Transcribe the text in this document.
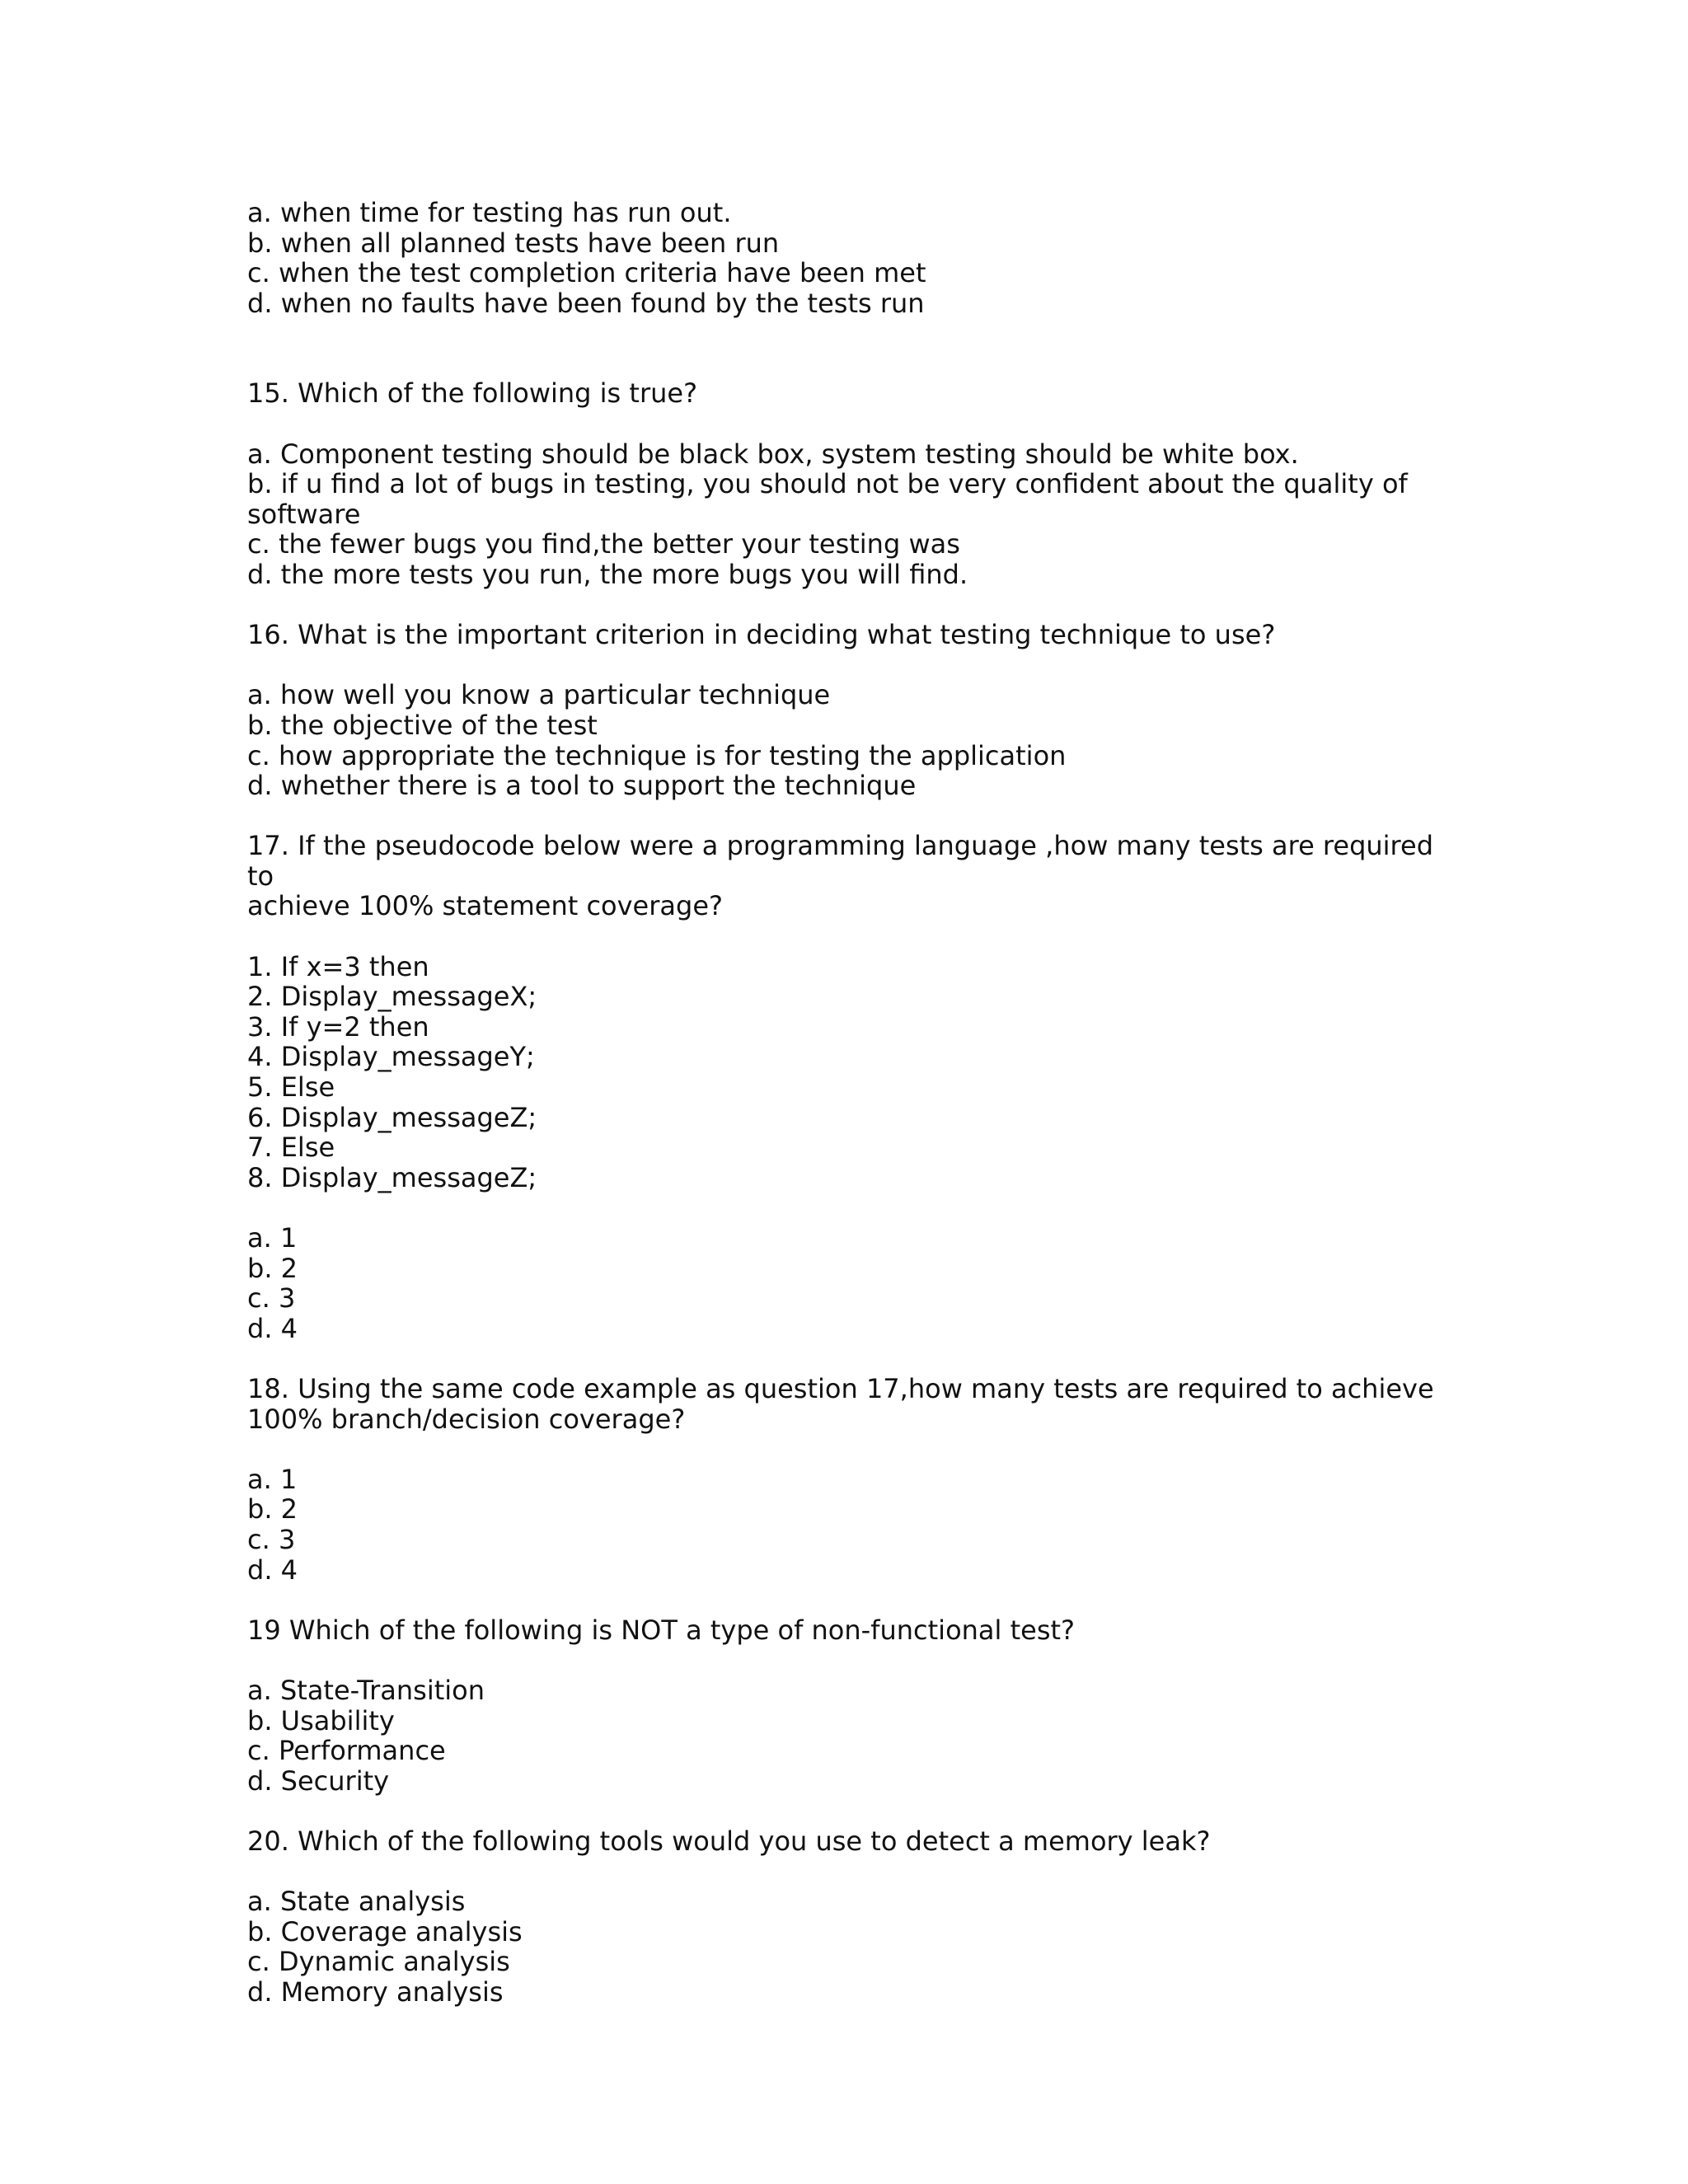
a. when time for testing has run out.
b. when all planned tests have been run
c. when the test completion criteria have been met
d. when no faults have been found by the tests run
15. Which of the following is true?
a. Component testing should be black box, system testing should be white box.
b. if u find a lot of bugs in testing, you should not be very confident about the quality of
software
c. the fewer bugs you find,the better your testing was
d. the more tests you run, the more bugs you will find.
16. What is the important criterion in deciding what testing technique to use?
a. how well you know a particular technique
b. the objective of the test
c. how appropriate the technique is for testing the application
d. whether there is a tool to support the technique
17. If the pseudocode below were a programming language ,how many tests are required to
achieve 100% statement coverage?
1. If x=3 then
2. Display_messageX;
3. If y=2 then
4. Display_messageY;
5. Else
6. Display_messageZ;
7. Else
8. Display_messageZ;
a. 1
b. 2
c. 3
d. 4
18. Using the same code example as question 17,how many tests are required to achieve
100% branch/decision coverage?
a. 1
b. 2
c. 3
d. 4
19 Which of the following is NOT a type of non-functional test?
a. State-Transition
b. Usability
c. Performance
d. Security
20. Which of the following tools would you use to detect a memory leak?
a. State analysis
b. Coverage analysis
c. Dynamic analysis
d. Memory analysis
